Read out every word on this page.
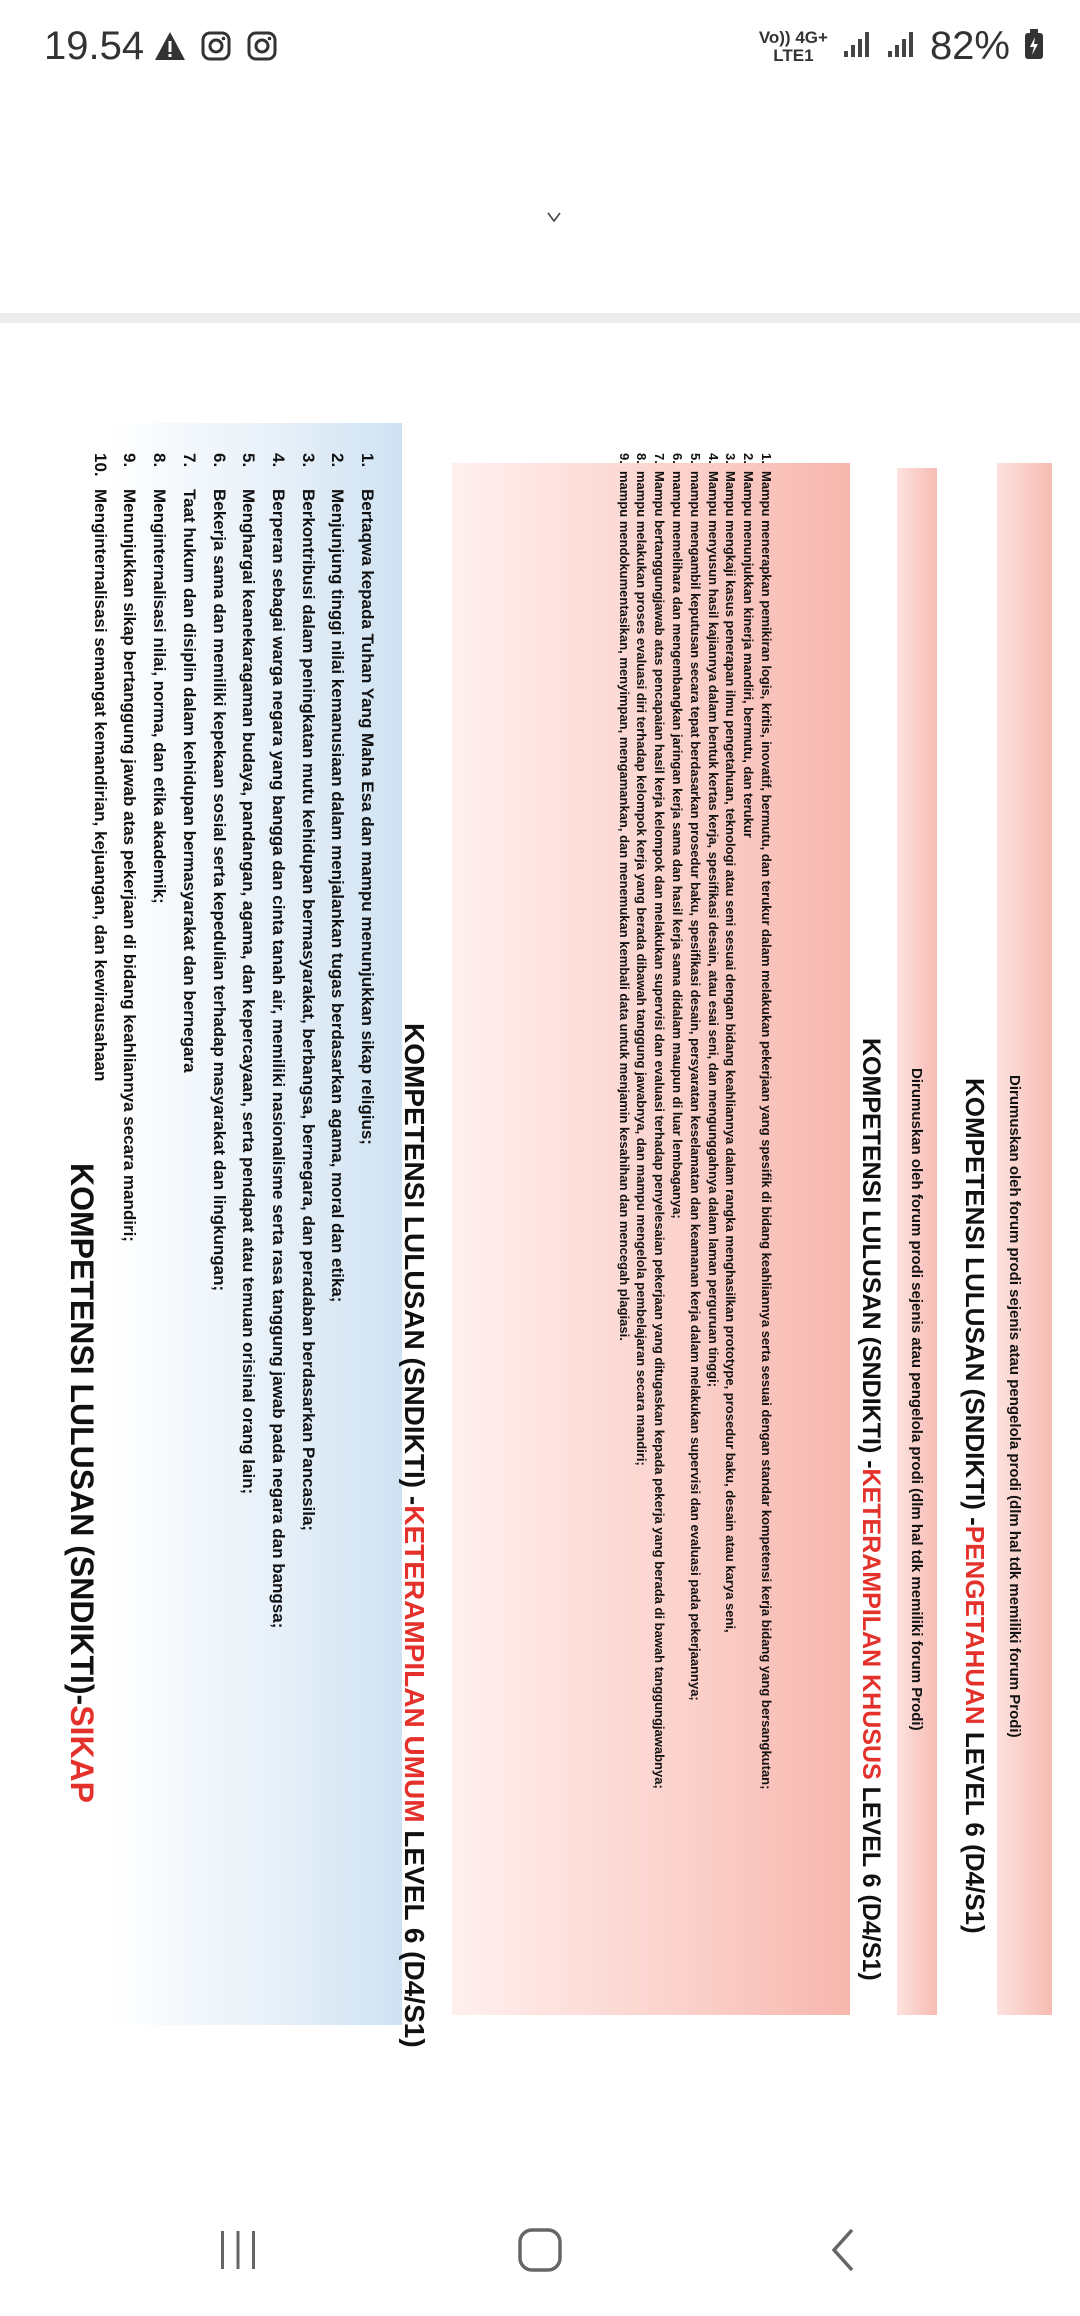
19.54	Vo)) 4G+
LTE1	82%
KOMPETENSI LULUSAN (SNDIKTI)-SIKAP
1.Bertaqwa kepada Tuhan Yang Maha Esa dan mampu menunjukkan sikap religius;
2.Menjunjung tinggi nilai kemanusiaan dalam menjalankan tugas berdasarkan agama, moral dan etika;
3.Berkontribusi dalam peningkatan mutu kehidupan bermasyarakat, berbangsa, bernegara, dan peradaban berdasarkan Pancasila;
4.Berperan sebagai warga negara yang bangga dan cinta tanah air, memiliki nasionalisme serta rasa tanggung jawab pada negara dan bangsa;
5.Menghargai keanekaragaman budaya, pandangan, agama, dan kepercayaan, serta pendapat atau temuan orisinal orang lain;
6.Bekerja sama dan memiliki kepekaan sosial serta kepedulian terhadap masyarakat dan lingkungan;
7.Taat hukum dan disiplin dalam kehidupan bermasyarakat dan bernegara
8.Menginternalisasi nilai, norma, dan etika akademik;
9.Menunjukkan sikap bertanggung jawab atas pekerjaan di bidang keahliannya secara mandiri;
10.Menginternalisasi semangat kemandirian, kejuangan, dan kewirausahaan
KOMPETENSI LULUSAN (SNDIKTI) -KETERAMPILAN UMUM LEVEL 6 (D4/S1)
1.Mampu menerapkan pemikiran logis, kritis, inovatif, bermutu, dan terukur dalam melakukan pekerjaan yang spesifik di bidang keahliannya serta sesuai dengan standar kompetensi kerja bidang yang bersangkutan;
2.Mampu menunjukkan kinerja mandiri, bermutu, dan terukur
3.Mampu mengkaji kasus penerapan ilmu pengetahuan, teknologi atau seni sesuai dengan bidang keahliannya dalam rangka menghasilkan prototype, prosedur baku, desain atau karya seni,
4.Mampu menyusun hasil kajiannya dalam bentuk kertas kerja, spesifikasi desain, atau esai seni, dan mengunggahnya dalam laman perguruan tinggi;
5.mampu mengambil keputusan secara tepat berdasarkan prosedur baku, spesifikasi desain, persyaratan keselamatan dan keamanan kerja dalam melakukan supervisi dan evaluasi pada pekerjaannya;
6.mampu memelihara dan mengembangkan jaringan kerja sama dan hasil kerja sama didalam maupun di luar lembaganya;
7.Mampu bertanggungjawab atas pencapaian hasil kerja kelompok dan melakukan supervisi dan evaluasi terhadap penyelesaian pekerjaan yang ditugaskan kepada pekerja yang berada di bawah tanggungjawabnya;
8.mampu melakukan proses evaluasi diri terhadap kelompok kerja yang berada dibawah tanggung jawabnya, dan mampu mengelola pembelajaran secara mandiri;
9.mampu mendokumentasikan, menyimpan, mengamankan, dan menemukan kembali data untuk menjamin kesahihan dan mencegah plagiasi.	KOMPETENSI LULUSAN (SNDIKTI) -KETERAMPILAN KHUSUS LEVEL 6 (D4/S1)
Dirumuskan oleh forum prodi sejenis atau pengelola prodi (dlm hal tdk memiliki forum Prodi) KOMPETENSI LULUSAN (SNDIKTI) -PENGETAHUAN LEVEL 6 (D4/S1)
Dirumuskan oleh forum prodi sejenis atau pengelola prodi (dlm hal tdk memiliki forum Prodi)
